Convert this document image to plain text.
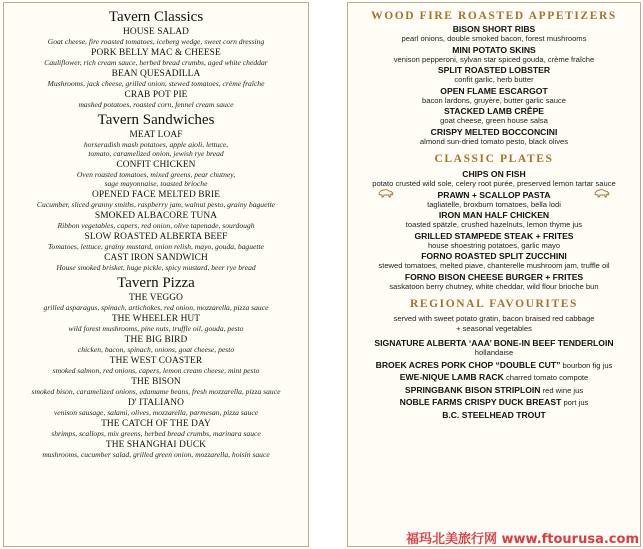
Tavern Classics
HOUSE SALAD
Goat cheese, fire roasted tomatoes, iceberg wedge, sweet corn dressing
PORK BELLY MAC & CHEESE
Cauliflower, rich cream sauce, herbed bread crumbs, aged white cheddar
BEAN QUESADILLA
Mushrooms, jack cheese, grilled onion, stewed tomatoes, crème fraîche
CRAB POT PIE
mashed potatoes, roasted corn, fennel cream sauce
Tavern Sandwiches
MEAT LOAF
horseradish mash potatoes, apple aioli, lettuce,
tomato, caramelized onion, jewish rye bread
CONFIT CHICKEN
Oven roasted tomatoes, mixed greens, pear chutney,
sage mayonnaise, toasted brioche
OPENED FACE MELTED BRIE
Cucumber, sliced granny smiths, raspberry jam, walnut pesto, grainy baguette
SMOKED ALBACORE TUNA
Ribbon vegetables, capers, red onion, olive tapenade, sourdough
SLOW ROASTED ALBERTA BEEF
Tomatoes, lettuce, grainy mustard, onion relish, mayo, gouda, baguette
CAST IRON SANDWICH
House smoked brisket, huge pickle, spicy mustard, beer rye bread
Tavern Pizza
THE VEGGO
grilled asparagus, spinach, artichokes, red onion, mozzarella, pizza sauce
THE WHEELER HUT
wild forest mushrooms, pine nuts, truffle oil, gouda, pesto
THE BIG BIRD
chicken, bacon, spinach, onions, goat cheese, pesto
THE WEST COASTER
smoked salmon, red onions, capers, lemon cream cheese, mint pesto
THE BISON
smoked bison, caramelized onions, edamame beans, fresh mozzarella, pizza sauce
D' ITALIANO
venison sausage, salami, olives, mozzarella, parmesan, pizza sauce
THE CATCH OF THE DAY
shrimps, scallops, mix greens, herbed bread crumbs, marinara sauce
THE SHANGHAI DUCK
mushrooms, cucumber salad, grilled green onion, mozzarella, hoisin sauce
WOOD FIRE ROASTED APPETIZERS
BISON SHORT RIBS
pearl onions, double smoked bacon, forest mushrooms
MINI POTATO SKINS
venison pepperoni, sylvan star spiced gouda, crème fraîche
SPLIT ROASTED LOBSTER
confit garlic, herb butter
OPEN FLAME ESCARGOT
bacon lardons, gruyère, butter garlic sauce
STACKED LAMB CRÊPE
goat cheese, green house salsa
CRISPY MELTED BOCCONCINI
almond sun-dried tomato pesto, black olives
CLASSIC PLATES
CHIPS ON FISH
potato crusted wild sole, celery root purée, preserved lemon tartar sauce
PRAWN + SCALLOP PASTA
tagliatelle, broxburn tomatoes, bella lodi
IRON MAN HALF CHICKEN
toasted spätzle, crushed hazelnuts, lemon thyme jus
GRILLED STAMPEDE STEAK + FRITES
house shoestring potatoes, garlic mayo
FORNO ROASTED SPLIT ZUCCHINI
stewed tomatoes, melted piave, chanterelle mushroom jam, truffle oil
FORNO BISON CHEESE BURGER + FRITES
saskatoon berry chutney, white cheddar, wild flour brioche bun
REGIONAL FAVOURITES
served with sweet potato gratin, bacon braised red cabbage
+ seasonal vegetables
SIGNATURE ALBERTA ‘AAA’ BONE-IN BEEF TENDERLOIN
hollandaise
BROEK ACRES PORK CHOP “DOUBLE CUT” bourbon fig jus
EWE-NIQUE LAMB RACK charred tomato compote
SPRINGBANK BISON STRIPLOIN red wine jus
NOBLE FARMS CRISPY DUCK BREAST port jus
B.C. STEELHEAD TROUT
福玛北美旅行网 www.ftourusa.com
